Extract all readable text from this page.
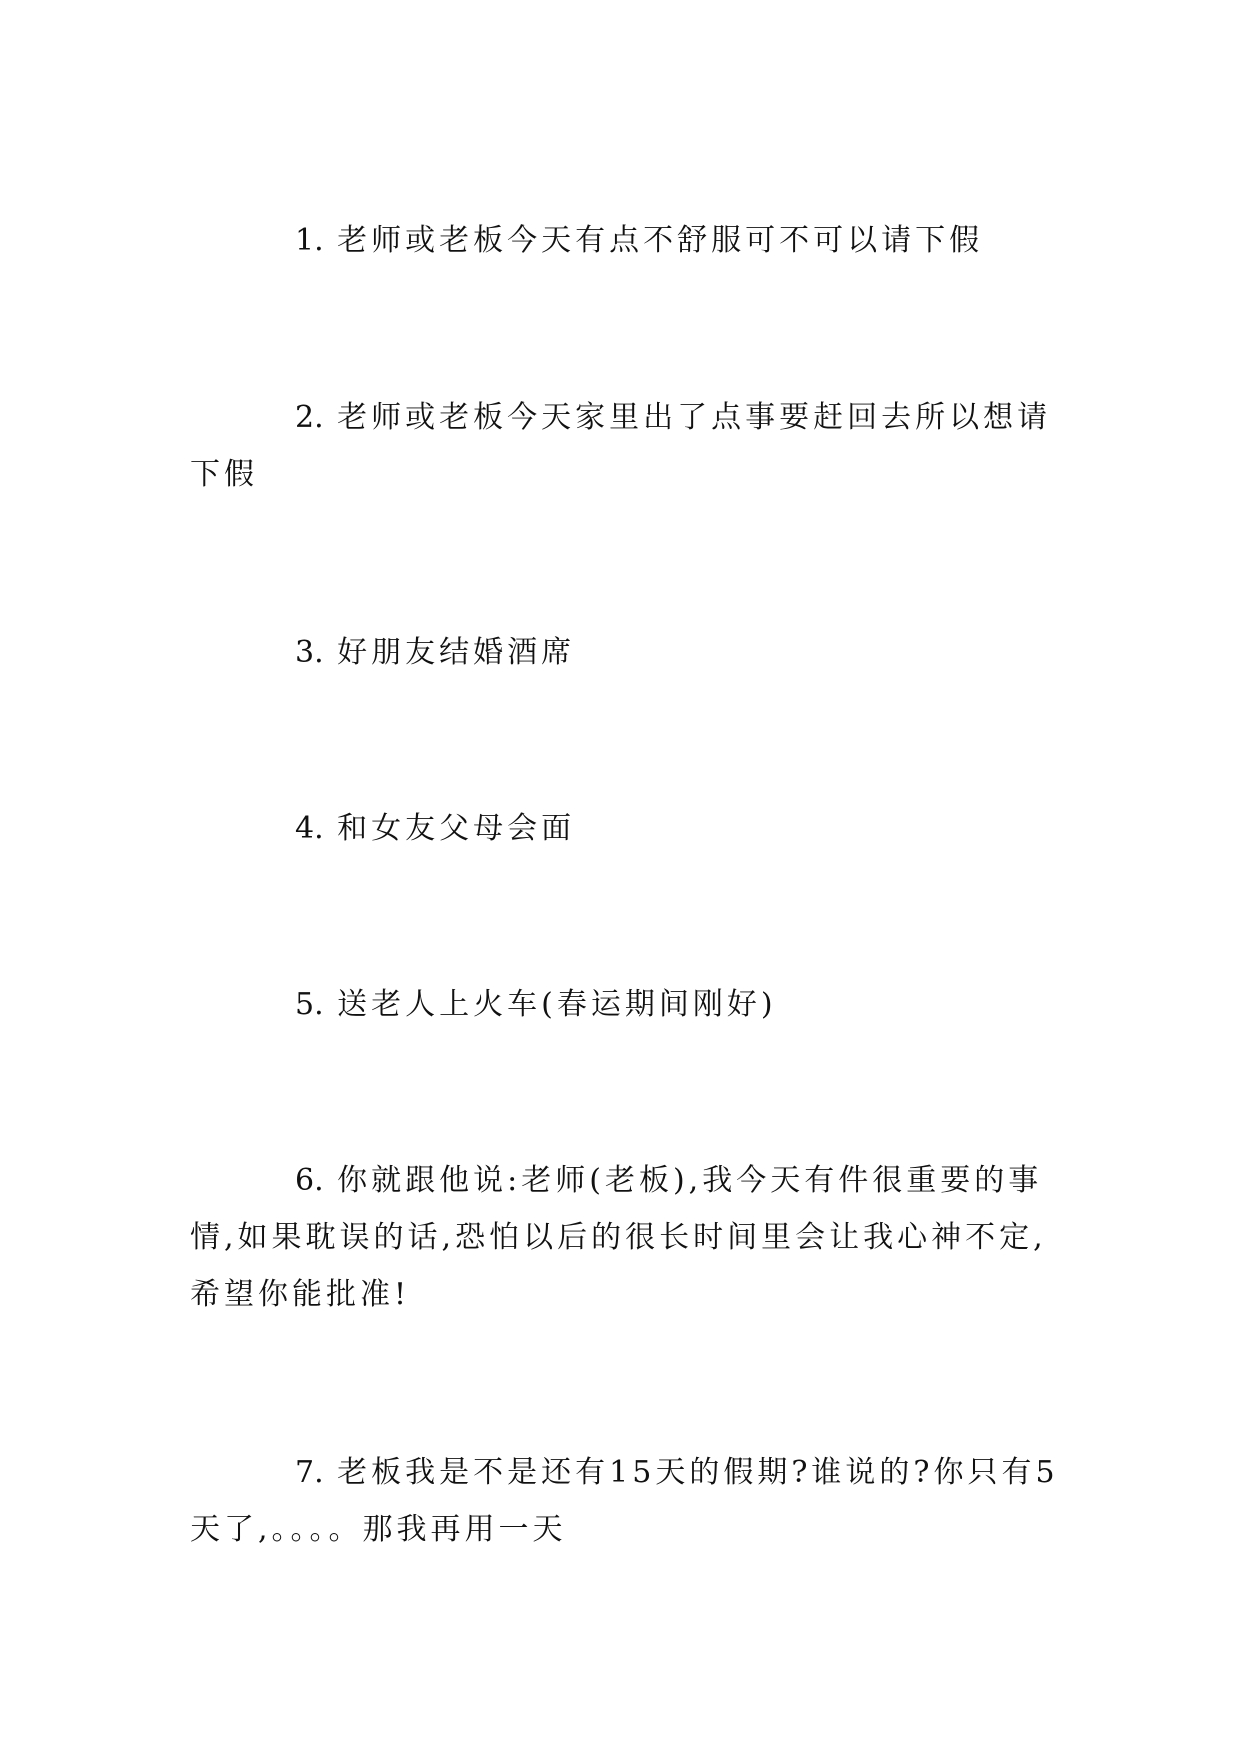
1. 老师或老板今天有点不舒服可不可以请下假

2. 老师或老板今天家里出了点事要赶回去所以想请下假

3. 好朋友结婚酒席

4. 和女友父母会面

5. 送老人上火车(春运期间刚好)

6. 你就跟他说:老师(老板),我今天有件很重要的事情,如果耽误的话,恐怕以后的很长时间里会让我心神不定,希望你能批准!

7. 老板我是不是还有15天的假期?谁说的?你只有5天了,。。。。那我再用一天
